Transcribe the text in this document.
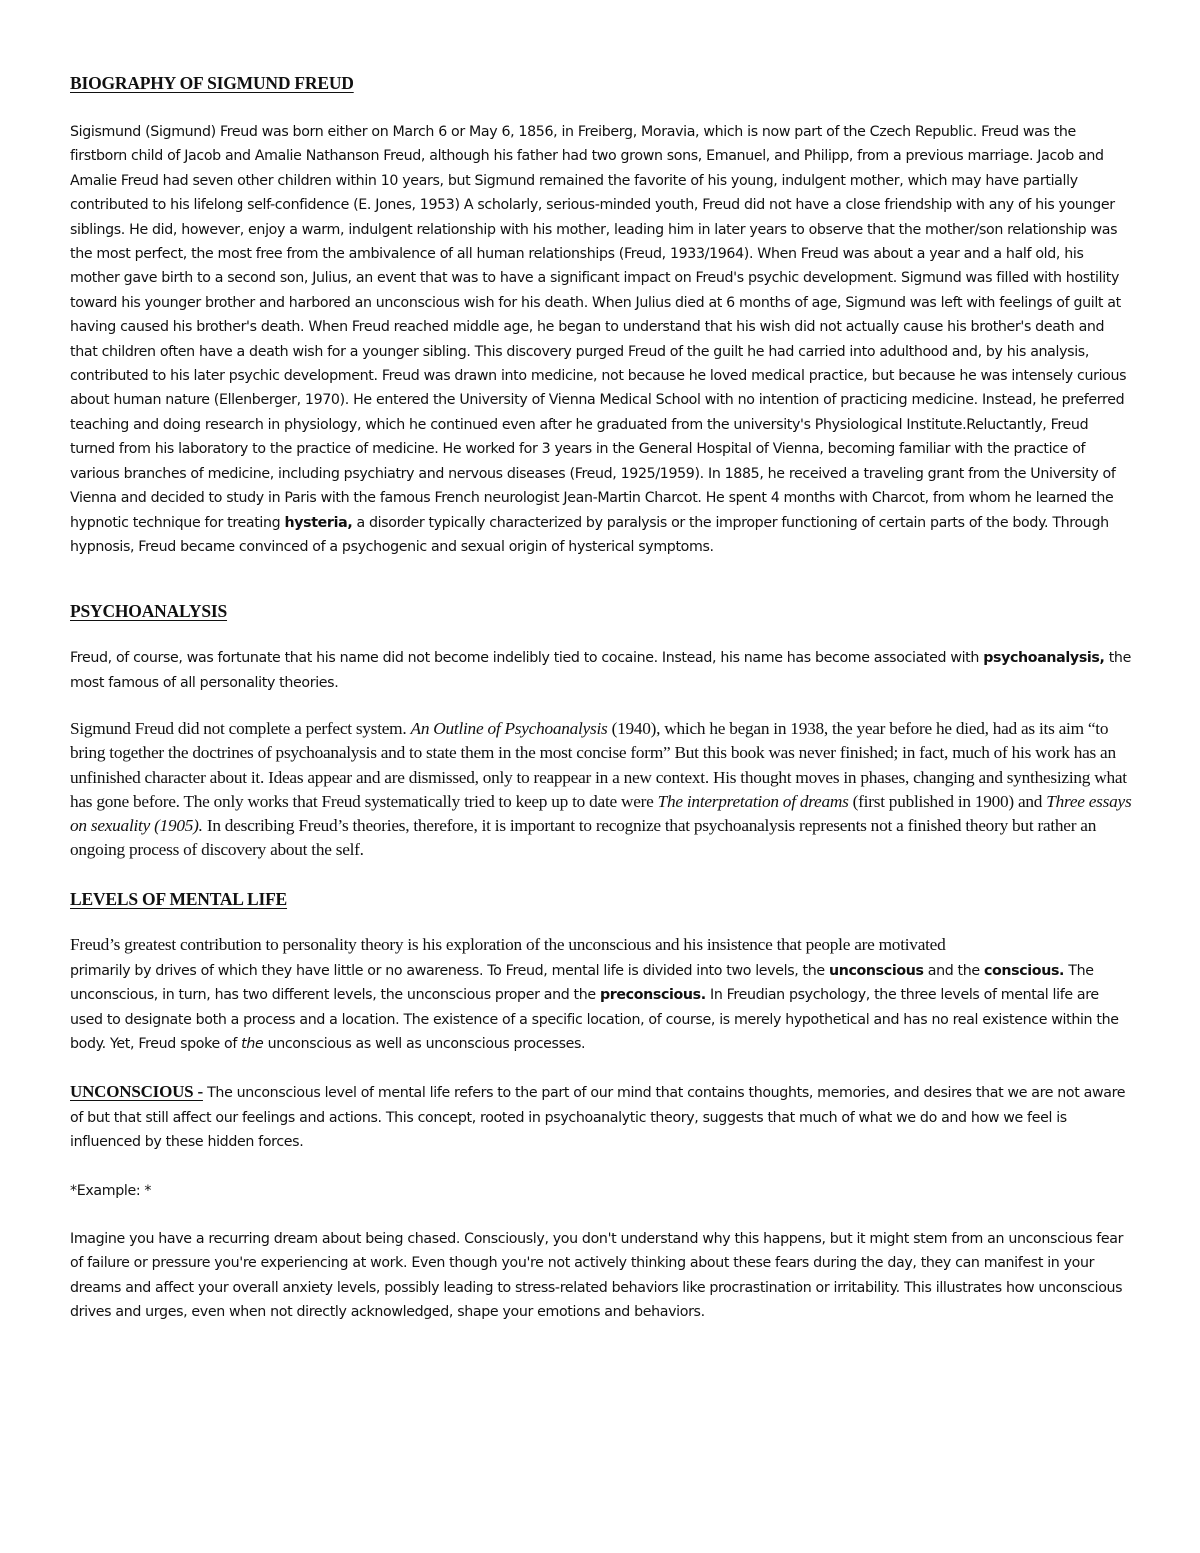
BIOGRAPHY OF SIGMUND FREUD

Sigismund (Sigmund) Freud was born either on March 6 or May 6, 1856, in Freiberg, Moravia, which is now part of the Czech Republic. Freud was the firstborn child of Jacob and Amalie Nathanson Freud, although his father had two grown sons, Emanuel, and Philipp, from a previous marriage. Jacob and Amalie Freud had seven other children within 10 years, but Sigmund remained the favorite of his young, indulgent mother, which may have partially contributed to his lifelong self-confidence (E. Jones, 1953) A scholarly, serious-minded youth, Freud did not have a close friendship with any of his younger siblings. He did, however, enjoy a warm, indulgent relationship with his mother, leading him in later years to observe that the mother/son relationship was the most perfect, the most free from the ambivalence of all human relationships (Freud, 1933/1964). When Freud was about a year and a half old, his mother gave birth to a second son, Julius, an event that was to have a significant impact on Freud's psychic development. Sigmund was filled with hostility toward his younger brother and harbored an unconscious wish for his death. When Julius died at 6 months of age, Sigmund was left with feelings of guilt at having caused his brother's death. When Freud reached middle age, he began to understand that his wish did not actually cause his brother's death and that children often have a death wish for a younger sibling. This discovery purged Freud of the guilt he had carried into adulthood and, by his analysis, contributed to his later psychic development. Freud was drawn into medicine, not because he loved medical practice, but because he was intensely curious about human nature (Ellenberger, 1970). He entered the University of Vienna Medical School with no intention of practicing medicine. Instead, he preferred teaching and doing research in physiology, which he continued even after he graduated from the university's Physiological Institute.Reluctantly, Freud turned from his laboratory to the practice of medicine. He worked for 3 years in the General Hospital of Vienna, becoming familiar with the practice of various branches of medicine, including psychiatry and nervous diseases (Freud, 1925/1959). In 1885, he received a traveling grant from the University of Vienna and decided to study in Paris with the famous French neurologist Jean-Martin Charcot. He spent 4 months with Charcot, from whom he learned the hypnotic technique for treating hysteria, a disorder typically characterized by paralysis or the improper functioning of certain parts of the body. Through hypnosis, Freud became convinced of a psychogenic and sexual origin of hysterical symptoms.

PSYCHOANALYSIS

Freud, of course, was fortunate that his name did not become indelibly tied to cocaine. Instead, his name has become associated with psychoanalysis, the most famous of all personality theories.

Sigmund Freud did not complete a perfect system. An Outline of Psychoanalysis (1940), which he began in 1938, the year before he died, had as its aim “to bring together the doctrines of psychoanalysis and to state them in the most concise form” But this book was never finished; in fact, much of his work has an unfinished character about it. Ideas appear and are dismissed, only to reappear in a new context. His thought moves in phases, changing and synthesizing what has gone before. The only works that Freud systematically tried to keep up to date were The interpretation of dreams (first published in 1900) and Three essays on sexuality (1905). In describing Freud’s theories, therefore, it is important to recognize that psychoanalysis represents not a finished theory but rather an ongoing process of discovery about the self.

LEVELS OF MENTAL LIFE

Freud’s greatest contribution to personality theory is his exploration of the unconscious and his insistence that people are motivated
primarily by drives of which they have little or no awareness. To Freud, mental life is divided into two levels, the unconscious and the conscious. The unconscious, in turn, has two different levels, the unconscious proper and the preconscious. In Freudian psychology, the three levels of mental life are used to designate both a process and a location. The existence of a specific location, of course, is merely hypothetical and has no real existence within the body. Yet, Freud spoke of the unconscious as well as unconscious processes.

UNCONSCIOUS - The unconscious level of mental life refers to the part of our mind that contains thoughts, memories, and desires that we are not aware of but that still affect our feelings and actions. This concept, rooted in psychoanalytic theory, suggests that much of what we do and how we feel is influenced by these hidden forces.

*Example: *

Imagine you have a recurring dream about being chased. Consciously, you don't understand why this happens, but it might stem from an unconscious fear of failure or pressure you're experiencing at work. Even though you're not actively thinking about these fears during the day, they can manifest in your dreams and affect your overall anxiety levels, possibly leading to stress-related behaviors like procrastination or irritability. This illustrates how unconscious drives and urges, even when not directly acknowledged, shape your emotions and behaviors.
